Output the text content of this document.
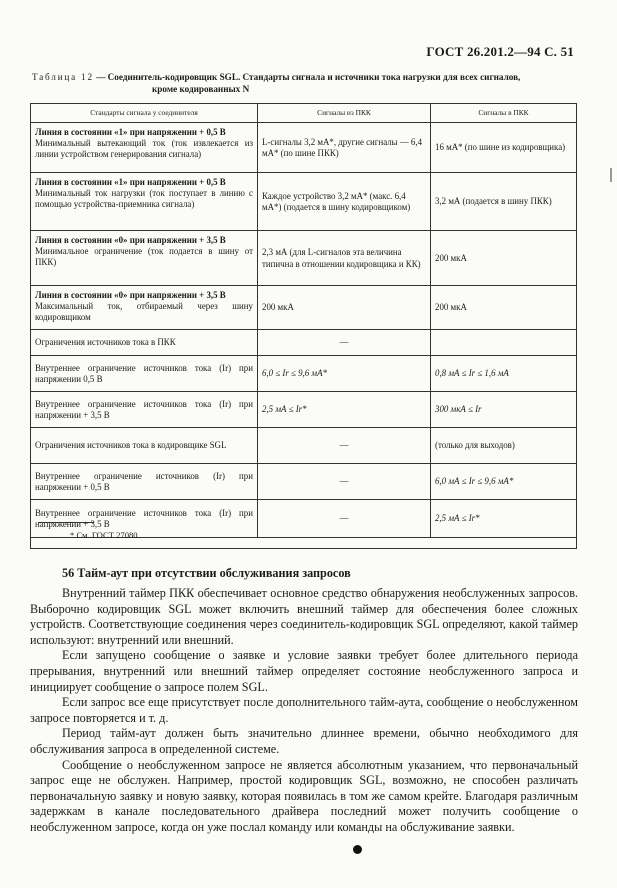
ГОСТ 26.201.2—94 С. 51
Таблица 12 — Соединитель-кодировщик SGL. Стандарты сигнала и источники тока нагрузки для всех сигналов,
кроме кодированных N
Стандарты сигнала у соединителя	Сигналы из ПКК	Сигналы в ПКК
Линия в состоянии «1» при напряжении + 0,5 В
Минимальный вытекающий ток (ток извлекается из линии устройством генерирования сигнала)	L-сигналы 3,2 мА*, другие сигналы — 6,4 мА* (по шине ПКК)	16 мА* (по шине из кодировщика)
Линия в состоянии «1» при напряжении + 0,5 В
Минимальный ток нагрузки (ток поступает в линию с помощью устройства-приемника сигнала)	Каждое устройство 3,2 мА* (макс. 6,4 мА*) (подается в шину кодировщиком)	3,2 мА (подается в шину ПКК)
Линия в состоянии «0» при напряжении + 3,5 В
Минимальное ограничение (ток подается в шину от ПКК)	2,3 мА (для L-сигналов эта величина типична в отношении кодировщика и КК)	200 мкА
Линия в состоянии «0» при напряжении + 3,5 В
Максимальный ток, отбираемый через шину кодировщиком	200 мкА	200 мкА
Ограничения источников тока в ПКК	—	
Внутреннее ограничение источников тока (Ir) при напряжении 0,5 В	6,0 ≤ Ir ≤ 9,6 мА*	0,8 мА ≤ Ir ≤ 1,6 мА
Внутреннее ограничение источников тока (Ir) при напряжении + 3,5 В	2,5 мА ≤ Ir*	300 мкА ≤ Ir
Ограничения источников тока в кодировщике SGL	—	(только для выходов)
Внутреннее ограничение источников (Ir) при напряжении + 0,5 В	—	6,0 мА ≤ Ir ≤ 9,6 мА*
Внутреннее ограничение источников тока (Ir) при напряжении + 3,5 В	—	2,5 мА ≤ Ir*
* См. ГОСТ 27080.
56 Тайм-аут при отсутствии обслуживания запросов

Внутренний таймер ПКК обеспечивает основное средство обнаружения необслуженных запросов. Выборочно кодировщик SGL может включить внешний таймер для обеспечения более сложных устройств. Соответствующие соединения через соединитель-кодировщик SGL определяют, какой таймер используют: внутренний или внешний.

Если запущено сообщение о заявке и условие заявки требует более длительного периода прерывания, внутренний или внешний таймер определяет состояние необслуженного запроса и инициирует сообщение о запросе полем SGL.

Если запрос все еще присутствует после дополнительного тайм-аута, сообщение о необслуженном запросе повторяется и т. д.

Период тайм-аут должен быть значительно длиннее времени, обычно необходимого для обслуживания запроса в определенной системе.

Сообщение о необслуженном запросе не является абсолютным указанием, что первоначальный запрос еще не обслужен. Например, простой кодировщик SGL, возможно, не способен различать первоначальную заявку и новую заявку, которая появилась в том же самом крейте. Благодаря различным задержкам в канале последовательного драйвера последний может получить сообщение о необслуженном запросе, когда он уже послал команду или команды на обслуживание заявки.
